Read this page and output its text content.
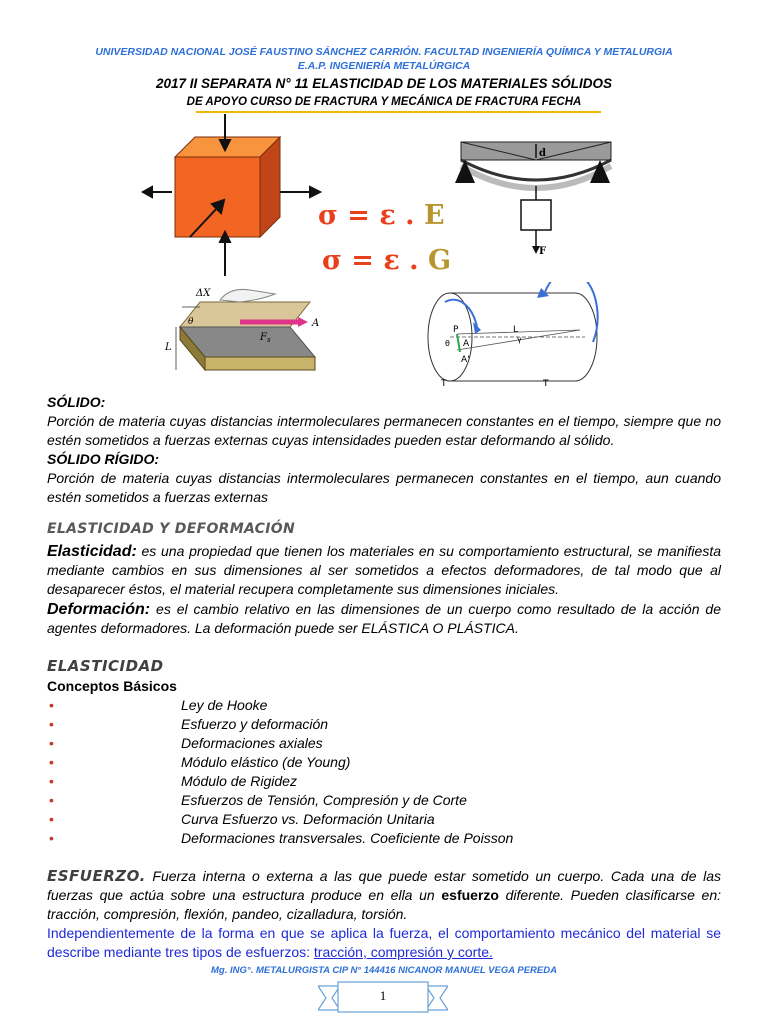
UNIVERSIDAD NACIONAL JOSÉ FAUSTINO SÁNCHEZ CARRIÓN. FACULTAD INGENIERÍA QUÍMICA Y METALURGIA
E.A.P. INGENIERÍA METALÚRGICA
2017 II SEPARATA N° 11 ELASTICIDAD DE LOS MATERIALES SÓLIDOS
DE APOYO CURSO DE FRACTURA Y MECÁNICA DE FRACTURA FECHA
d
F
σ = ε . E
σ = ε . G
$F_s$
A
ΔX
θ
L
P
θ A
A'
L
γ
T	T
SÓLIDO:
Porción de materia cuyas distancias intermoleculares permanecen constantes en el tiempo, siempre que no estén sometidos a fuerzas externas cuyas intensidades pueden estar deformando al sólido.
SÓLIDO RÍGIDO:
Porción de materia cuyas distancias intermoleculares permanecen constantes en el tiempo, aun cuando estén sometidos a fuerzas externas
ELASTICIDAD Y DEFORMACIÓN
Elasticidad: es una propiedad que tienen los materiales en su comportamiento estructural, se manifiesta mediante cambios en sus dimensiones al ser sometidos a efectos deformadores, de tal modo que al desaparecer éstos, el material recupera completamente sus dimensiones iniciales.
Deformación: es el cambio relativo en las dimensiones de un cuerpo como resultado de la acción de agentes deformadores. La deformación puede ser ELÁSTICA O PLÁSTICA.
ELASTICIDAD
Conceptos Básicos
•	Ley de Hooke
•	Esfuerzo y deformación
•	Deformaciones axiales
•	Módulo elástico (de Young)
•	Módulo de Rigidez
•	Esfuerzos de Tensión, Compresión y de Corte
•	Curva Esfuerzo vs. Deformación Unitaria
•	Deformaciones transversales. Coeficiente de Poisson
ESFUERZO. Fuerza interna o externa a las que puede estar sometido un cuerpo. Cada una de las fuerzas que actúa sobre una estructura produce en ella un esfuerzo diferente. Pueden clasificarse en: tracción, compresión, flexión, pandeo, cizalladura, torsión.
Independientemente de la forma en que se aplica la fuerza, el comportamiento mecánico del material se describe mediante tres tipos de esfuerzos: tracción, compresión y corte.
Mg. ING°. METALURGISTA CIP N° 144416 NICANOR MANUEL VEGA PEREDA
1
